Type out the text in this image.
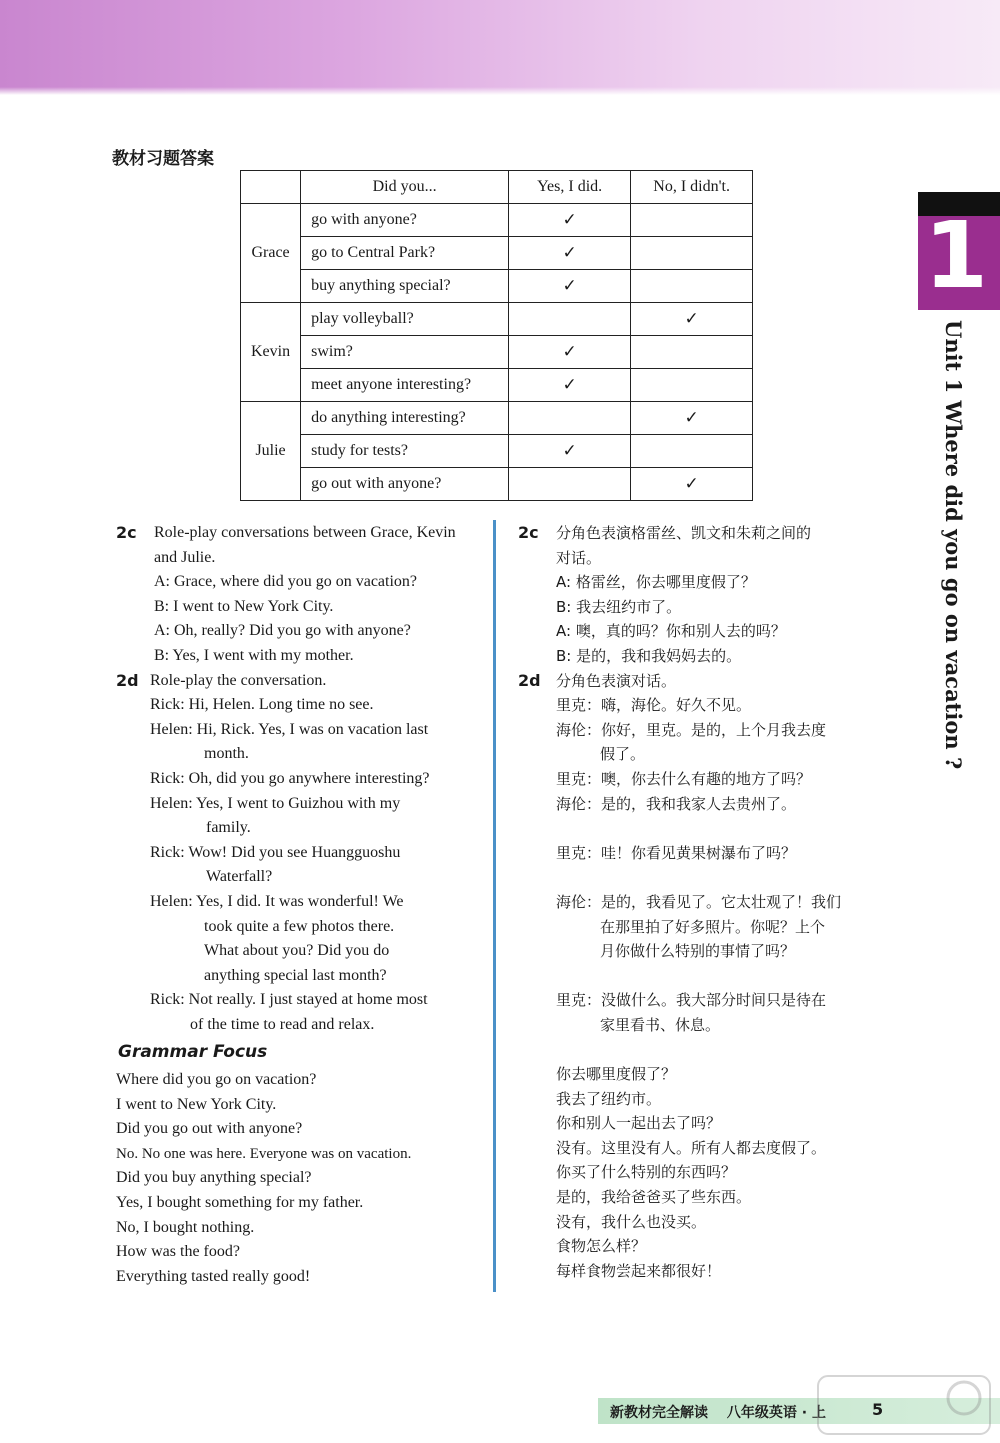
教材习题答案
	Did you...	Yes, I did.	No, I didn't.
Grace	go with anyone?	✓	
	go to Central Park?	✓	
	buy anything special?	✓	
Kevin	play volleyball?		✓
	swim?	✓	
	meet anyone interesting?	✓	
Julie	do anything interesting?		✓
	study for tests?	✓	
	go out with anyone?		✓
1
Unit 1 Where did you go on vacation ?
2c Role-play conversations between Grace, Kevin
and Julie.
A: Grace, where did you go on vacation?
B: I went to New York City.
A: Oh, really? Did you go with anyone?
B: Yes, I went with my mother.
2d Role-play the conversation.
Rick: Hi, Helen. Long time no see.
Helen: Hi, Rick. Yes, I was on vacation last
month.
Rick: Oh, did you go anywhere interesting?
Helen: Yes, I went to Guizhou with my
family.
Rick: Wow! Did you see Huangguoshu
Waterfall?
Helen: Yes, I did. It was wonderful! We
took quite a few photos there.
What about you? Did you do
anything special last month?
Rick: Not really. I just stayed at home most
of the time to read and relax.
Grammar Focus
Where did you go on vacation?
I went to New York City.
Did you go out with anyone?
No. No one was here. Everyone was on vacation.
Did you buy anything special?
Yes, I bought something for my father.
No, I bought nothing.
How was the food?
Everything tasted really good!
2c 分角色表演格雷丝、凯文和朱莉之间的
对话。
A: 格雷丝，你去哪里度假了？
B: 我去纽约市了。
A: 噢，真的吗？你和别人去的吗？
B: 是的，我和我妈妈去的。
2d 分角色表演对话。
里克：嗨，海伦。好久不见。
海伦：你好，里克。是的，上个月我去度
假了。
里克：噢，你去什么有趣的地方了吗？
海伦：是的，我和我家人去贵州了。
里克：哇！你看见黄果树瀑布了吗？
海伦：是的，我看见了。它太壮观了！我们
在那里拍了好多照片。你呢？上个
月你做什么特别的事情了吗？
里克：没做什么。我大部分时间只是待在
家里看书、休息。
你去哪里度假了？
我去了纽约市。
你和别人一起出去了吗？
没有。这里没有人。所有人都去度假了。
你买了什么特别的东西吗？
是的，我给爸爸买了些东西。
没有，我什么也没买。
食物怎么样？
每样食物尝起来都很好！
新教材完全解读 八年级英语 · 上	5
